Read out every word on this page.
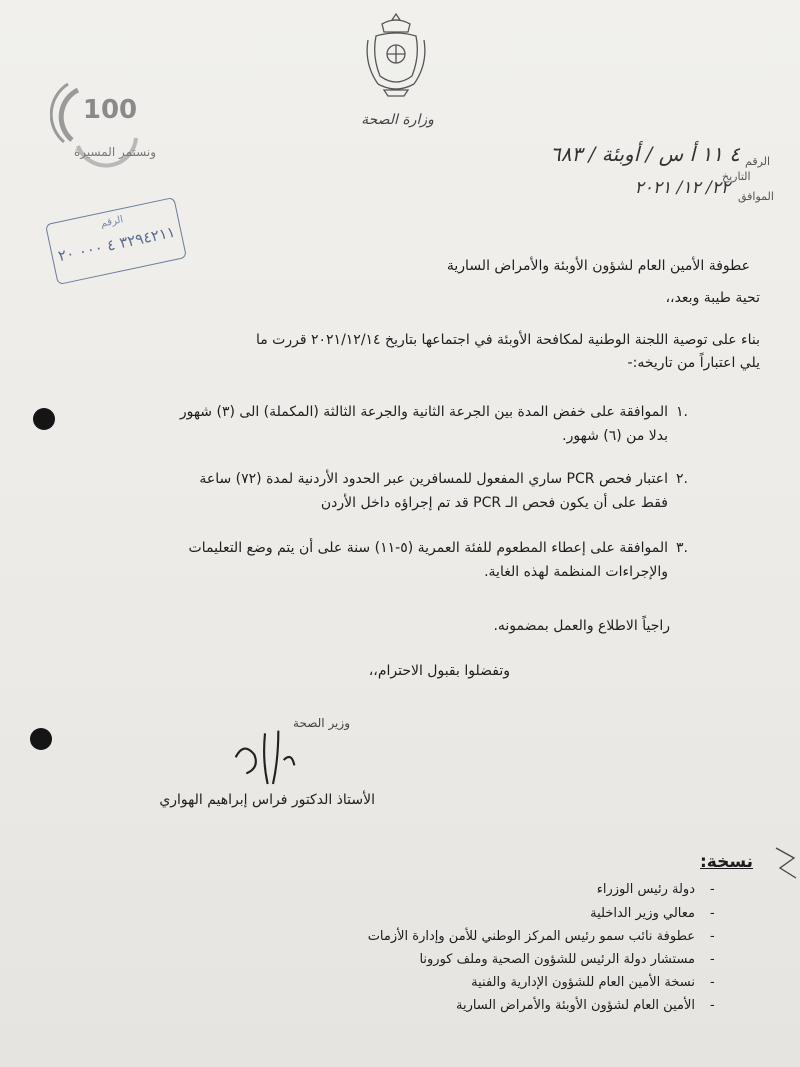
وزارة الصحة
100
ونستمر المسيرة
الرقم
٤ ١١ أ س / أوبئة / ٦٨٣
التاريخ
الموافق
٢٢/ ١٢/ ٢٠٢١
الرقم
٣٢٩٤٢١١ ٤ ٠٠٠ ٢٠
عطوفة الأمين العام لشؤون الأوبئة والأمراض السارية
تحية طيبة وبعد،،
بناء على توصية اللجنة الوطنية لمكافحة الأوبئة في اجتماعها بتاريخ ٢٠٢١/١٢/١٤ قررت ما
يلي اعتباراً من تاريخه:-
١.
الموافقة على خفض المدة بين الجرعة الثانية والجرعة الثالثة (المكملة) الى (٣) شهور
بدلا من (٦) شهور.
٢.
اعتبار فحص PCR ساري المفعول للمسافرين عبر الحدود الأردنية لمدة (٧٢) ساعة
فقط على أن يكون فحص الـ PCR قد تم إجراؤه داخل الأردن
٣.
الموافقة على إعطاء المطعوم للفئة العمرية (٥-١١) سنة على أن يتم وضع التعليمات
والإجراءات المنظمة لهذه الغاية.
راجياً الاطلاع والعمل بمضمونه.
وتفضلوا بقبول الاحترام،،
وزير الصحة
الأستاذ الدكتور فراس إبراهيم الهواري
نسخة:
-
دولة رئيس الوزراء
-
معالي وزير الداخلية
-
عطوفة نائب سمو رئيس المركز الوطني للأمن وإدارة الأزمات
-
مستشار دولة الرئيس للشؤون الصحية وملف كورونا
-
نسخة الأمين العام للشؤون الإدارية والفنية
-
الأمين العام لشؤون الأوبئة والأمراض السارية
